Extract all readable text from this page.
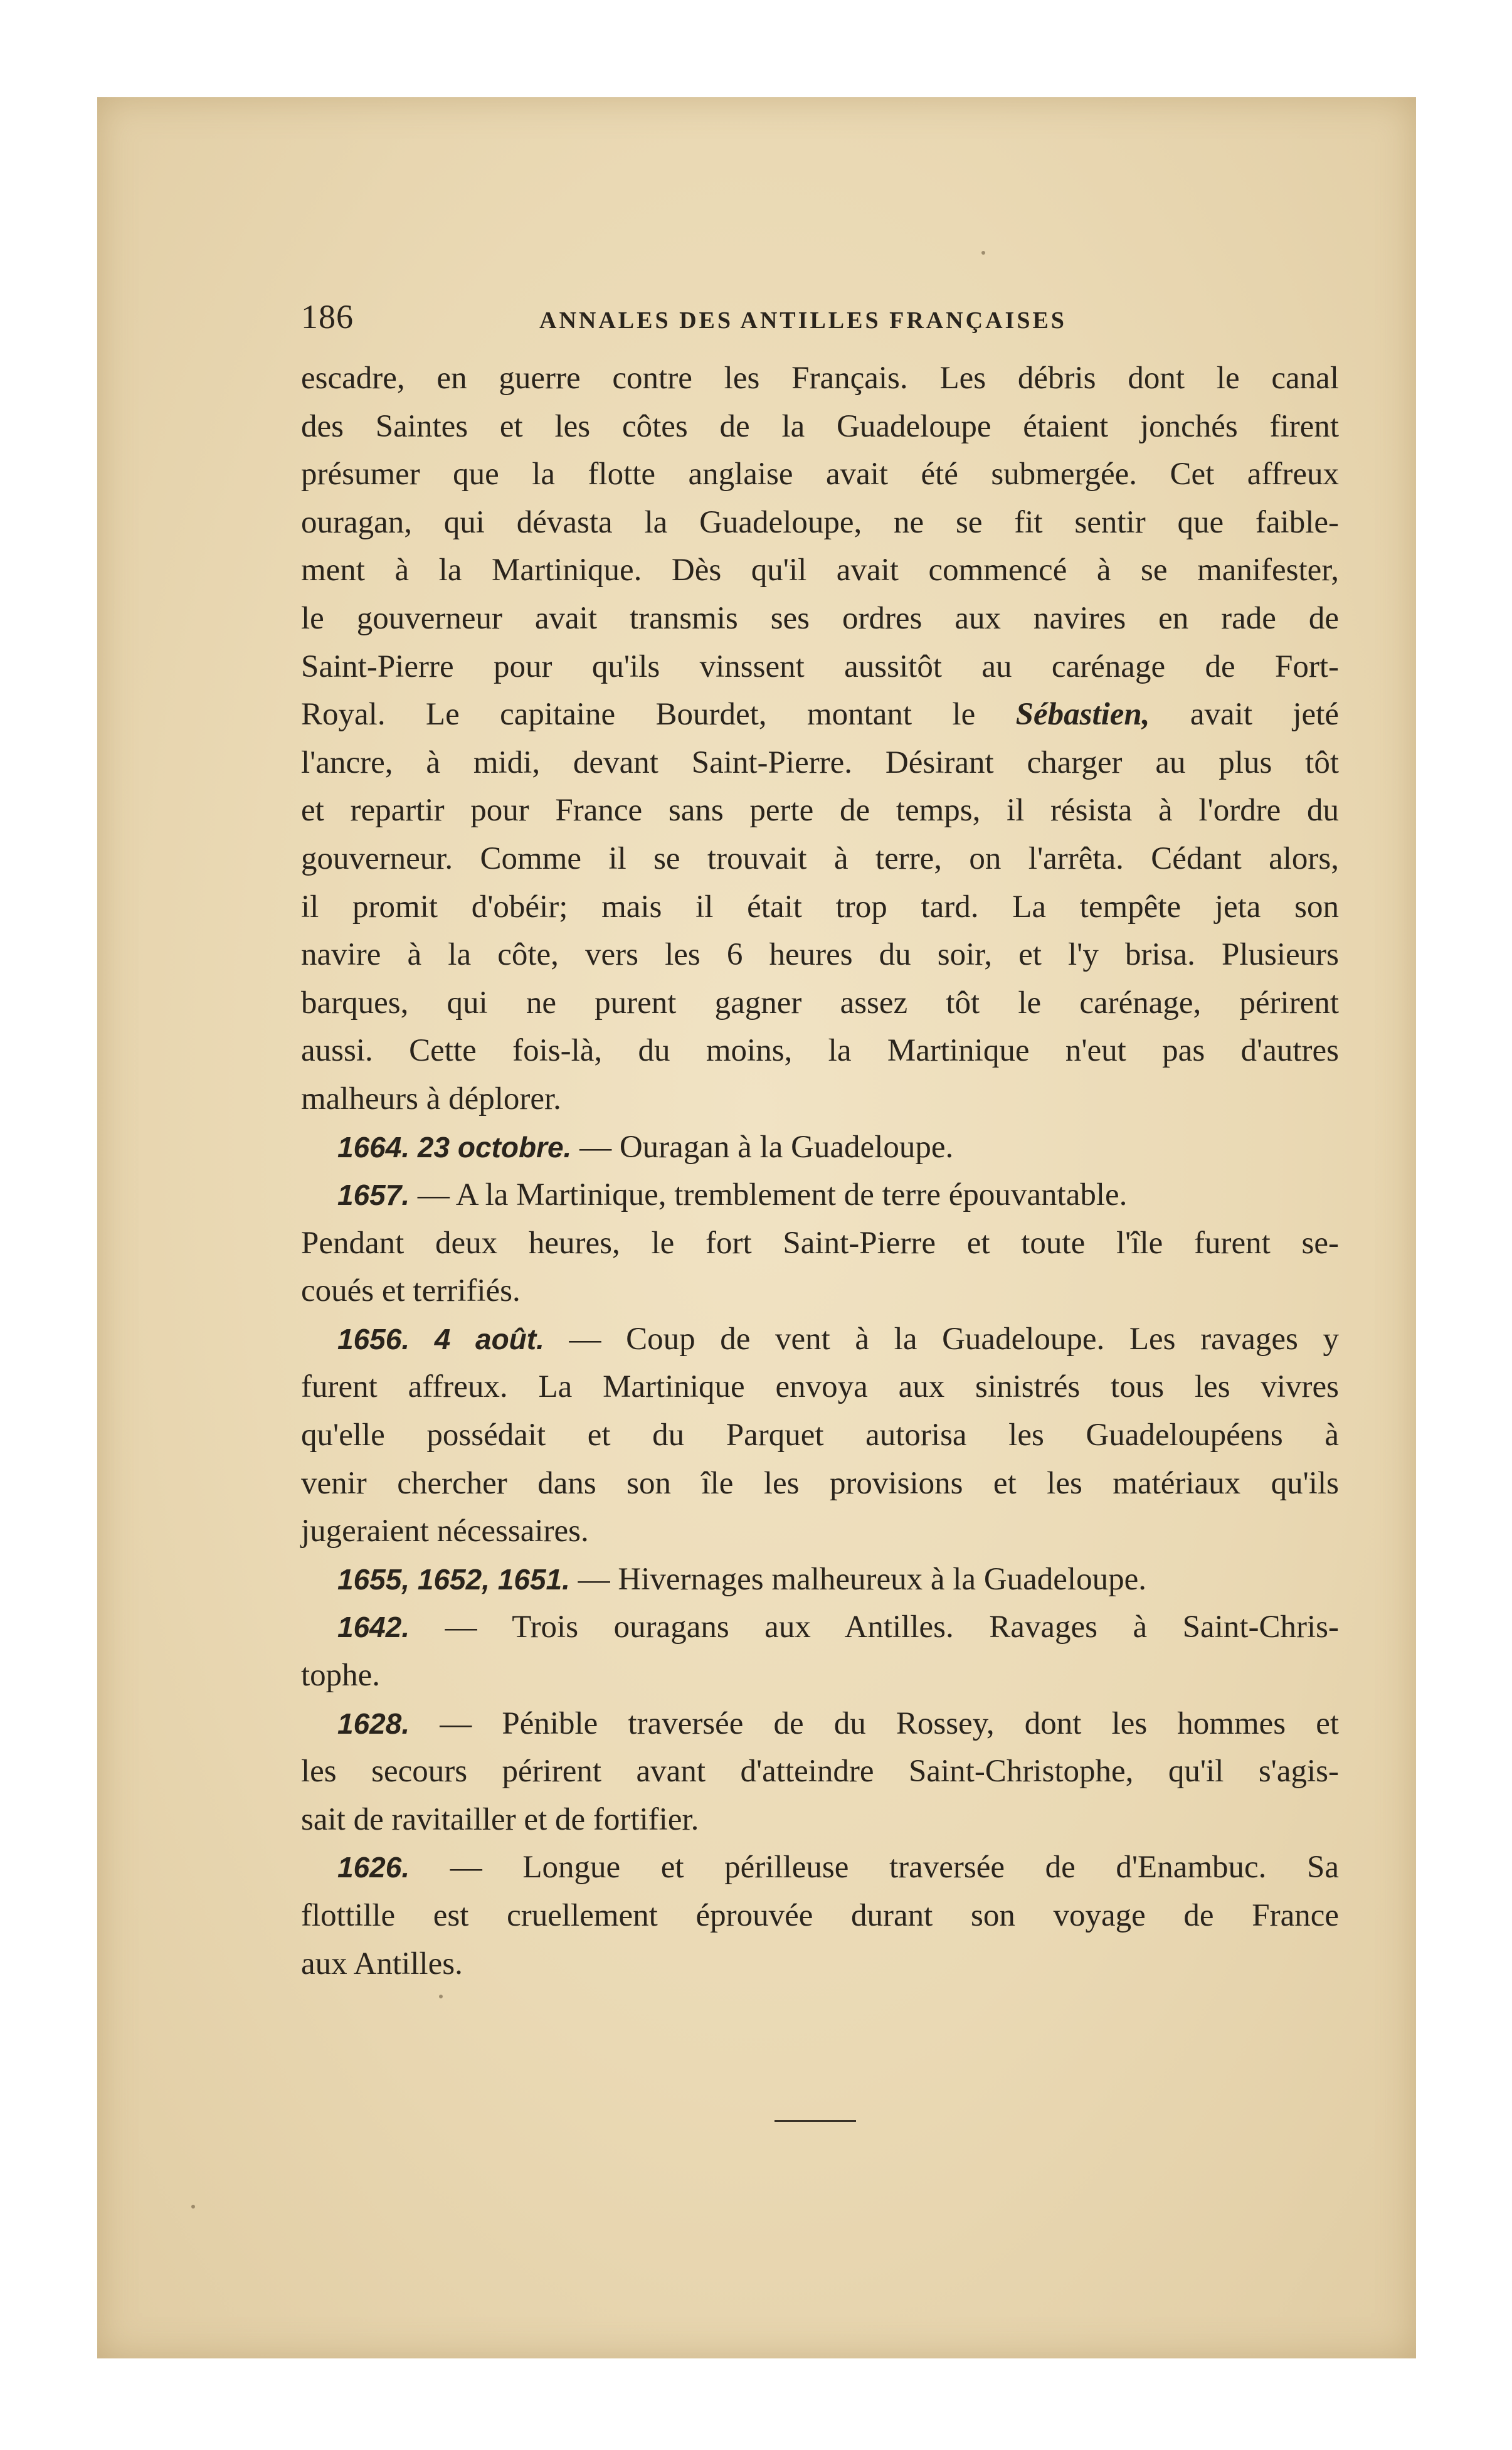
186	ANNALES DES ANTILLES FRANÇAISES
escadre, en guerre contre les Français. Les débris dont le canal
des Saintes et les côtes de la Guadeloupe étaient jonchés firent
présumer que la flotte anglaise avait été submergée. Cet affreux
ouragan, qui dévasta la Guadeloupe, ne se fit sentir que faible-
ment à la Martinique. Dès qu'il avait commencé à se manifester,
le gouverneur avait transmis ses ordres aux navires en rade de
Saint-Pierre pour qu'ils vinssent aussitôt au carénage de Fort-
Royal. Le capitaine Bourdet, montant le Sébastien, avait jeté
l'ancre, à midi, devant Saint-Pierre. Désirant charger au plus tôt
et repartir pour France sans perte de temps, il résista à l'ordre du
gouverneur. Comme il se trouvait à terre, on l'arrêta. Cédant alors,
il promit d'obéir; mais il était trop tard. La tempête jeta son
navire à la côte, vers les 6 heures du soir, et l'y brisa. Plusieurs
barques, qui ne purent gagner assez tôt le carénage, périrent
aussi. Cette fois-là, du moins, la Martinique n'eut pas d'autres
malheurs à déplorer.
1664. 23 octobre. — Ouragan à la Guadeloupe.
1657. — A la Martinique, tremblement de terre épouvantable.
Pendant deux heures, le fort Saint-Pierre et toute l'île furent se-
coués et terrifiés.
1656. 4 août. — Coup de vent à la Guadeloupe. Les ravages y
furent affreux. La Martinique envoya aux sinistrés tous les vivres
qu'elle possédait et du Parquet autorisa les Guadeloupéens à
venir chercher dans son île les provisions et les matériaux qu'ils
jugeraient nécessaires.
1655, 1652, 1651. — Hivernages malheureux à la Guadeloupe.
1642. — Trois ouragans aux Antilles. Ravages à Saint-Chris-
tophe.
1628. — Pénible traversée de du Rossey, dont les hommes et
les secours périrent avant d'atteindre Saint-Christophe, qu'il s'agis-
sait de ravitailler et de fortifier.
1626. — Longue et périlleuse traversée de d'Enambuc. Sa
flottille est cruellement éprouvée durant son voyage de France
aux Antilles.
